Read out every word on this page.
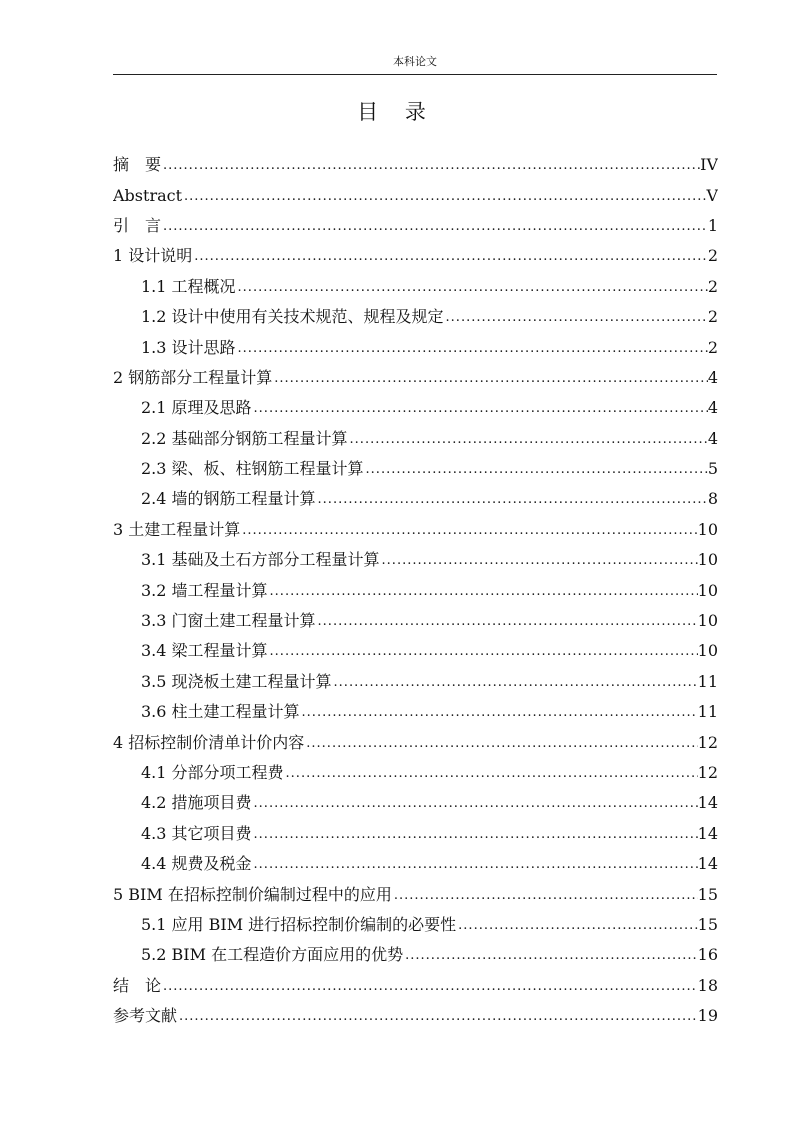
本科论文
目 录
摘　要 .....	IV
Abstract .....	V
引　言 .....	1
1 设计说明 .....	2
1.1 工程概况 .....	2
1.2 设计中使用有关技术规范、规程及规定 .....	2
1.3 设计思路 .....	2
2 钢筋部分工程量计算 .....	4
2.1 原理及思路 .....	4
2.2 基础部分钢筋工程量计算 .....	4
2.3 梁、板、柱钢筋工程量计算 .....	5
2.4 墙的钢筋工程量计算 .....	8
3 土建工程量计算 .....	10
3.1 基础及土石方部分工程量计算 .....	10
3.2 墙工程量计算 .....	10
3.3 门窗土建工程量计算 .....	10
3.4 梁工程量计算 .....	10
3.5 现浇板土建工程量计算 .....	11
3.6 柱土建工程量计算 .....	11
4 招标控制价清单计价内容 .....	12
4.1 分部分项工程费 .....	12
4.2 措施项目费 .....	14
4.3 其它项目费 .....	14
4.4 规费及税金 .....	14
5 BIM 在招标控制价编制过程中的应用 .....	15
5.1 应用 BIM 进行招标控制价编制的必要性 .....	15
5.2 BIM 在工程造价方面应用的优势 .....	16
结　论 .....	18
参考文献 .....	19
